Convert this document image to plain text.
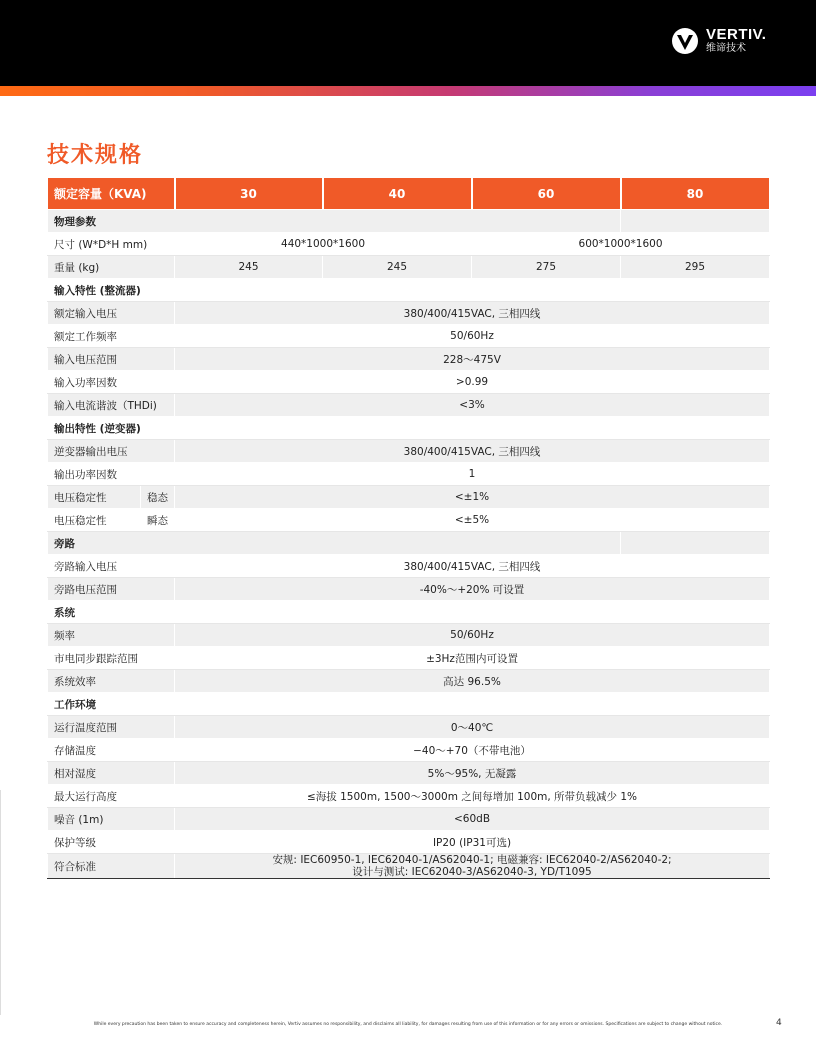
VERTIV.
维谛技术
技术规格
额定容量（KVA)		30	40	60	80
物理参数					
尺寸 (W*D*H mm)		440*1000*1600		600*1000*1600	
重量 (kg)		245	245	275	295
输入特性 (整流器)					
额定输入电压		380/400/415VAC, 三相四线			
额定工作频率		50/60Hz			
输入电压范围		228～475V			
输入功率因数		>0.99			
输入电流谐波（THDi)		<3%			
输出特性 (逆变器)					
逆变器输出电压		380/400/415VAC, 三相四线			
输出功率因数		1			
电压稳定性	稳态	<±1%			
电压稳定性	瞬态	<±5%			
旁路					
旁路输入电压		380/400/415VAC, 三相四线			
旁路电压范围		-40%～+20% 可设置			
系统					
频率		50/60Hz			
市电同步跟踪范围		±3Hz范围内可设置			
系统效率		高达 96.5%			
工作环境					
运行温度范围		0～40℃			
存储温度		−40～+70（不带电池）			
相对湿度		5%～95%, 无凝露			
最大运行高度		≤海拔 1500m, 1500～3000m 之间每增加 100m, 所带负载减少 1%			
噪音 (1m)		<60dB			
保护等级		IP20 (IP31可选)			
符合标准		安规: IEC60950-1, IEC62040-1/AS62040-1; 电磁兼容: IEC62040-2/AS62040-2;
设计与测试: IEC62040-3/AS62040-3, YD/T1095			
While every precaution has been taken to ensure accuracy and completeness herein, Vertiv assumes no responsibility, and disclaims all liability, for damages resulting from use of this information or for any errors or omissions. Specifications are subject to change without notice.	4
